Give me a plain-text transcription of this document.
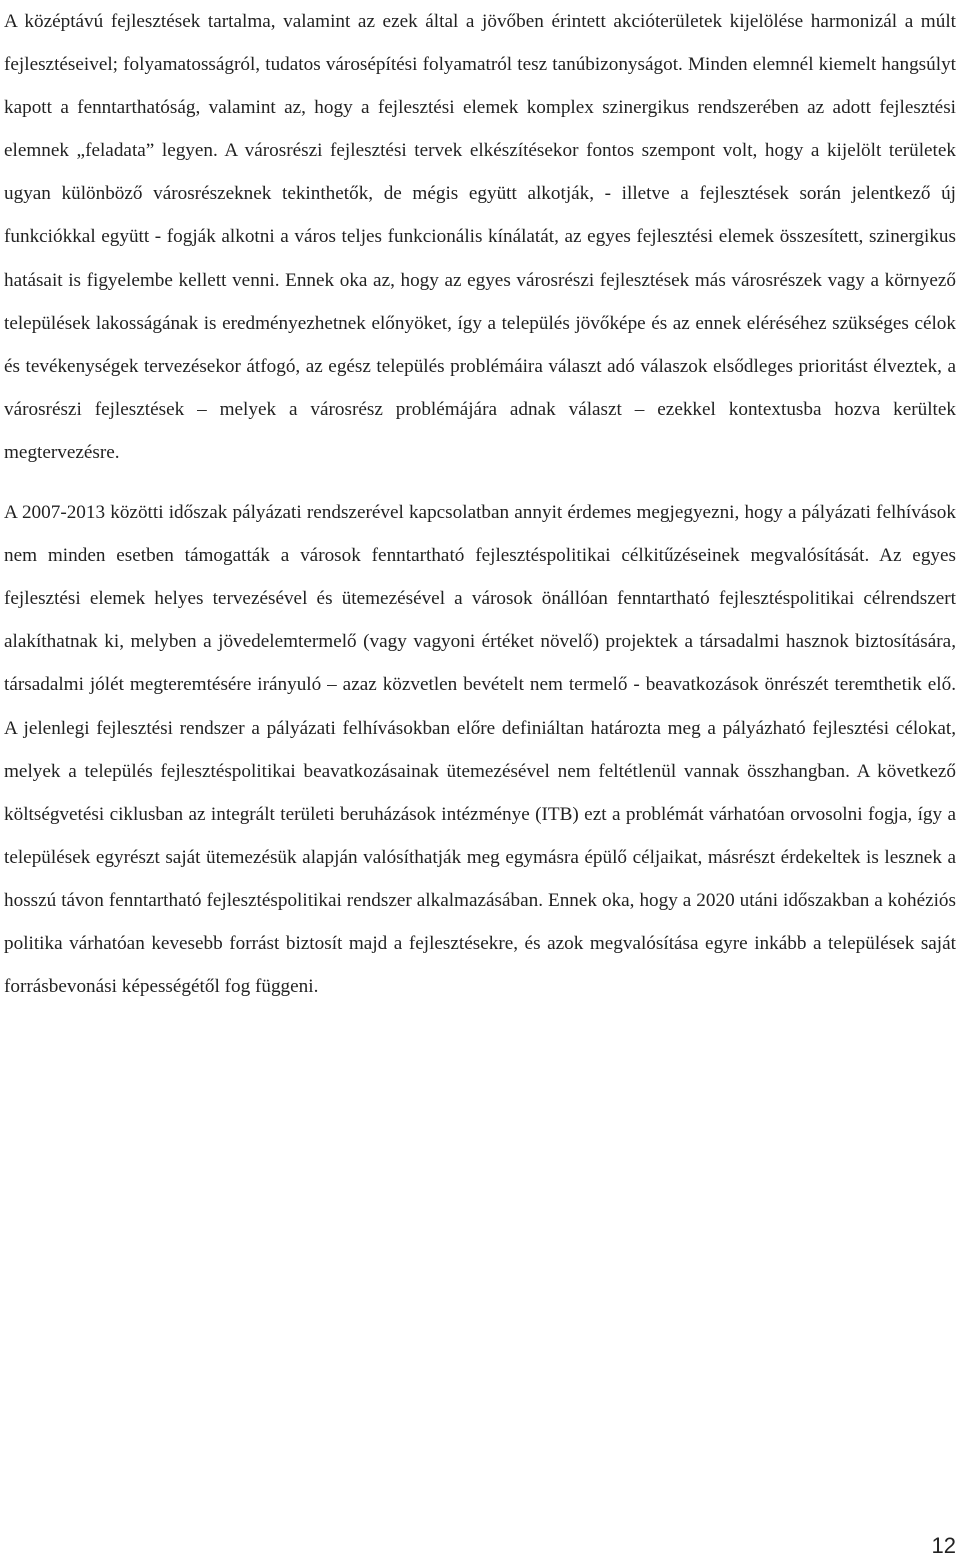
A középtávú fejlesztések tartalma, valamint az ezek által a jövőben érintett akcióterületek kijelölése harmonizál a múlt fejlesztéseivel; folyamatosságról, tudatos városépítési folyamatról tesz tanúbizonyságot. Minden elemnél kiemelt hangsúlyt kapott a fenntarthatóság, valamint az, hogy a fejlesztési elemek komplex szinergikus rendszerében az adott fejlesztési elemnek „feladata” legyen. A városrészi fejlesztési tervek elkészítésekor fontos szempont volt, hogy a kijelölt területek ugyan különböző városrészeknek tekinthetők, de mégis együtt alkotják, - illetve a fejlesztések során jelentkező új funkciókkal együtt - fogják alkotni a város teljes funkcionális kínálatát, az egyes fejlesztési elemek összesített, szinergikus hatásait is figyelembe kellett venni. Ennek oka az, hogy az egyes városrészi fejlesztések más városrészek vagy a környező települések lakosságának is eredményezhetnek előnyöket, így a település jövőképe és az ennek eléréséhez szükséges célok és tevékenységek tervezésekor átfogó, az egész település problémáira választ adó válaszok elsődleges prioritást élveztek, a városrészi fejlesztések – melyek a városrész problémájára adnak választ – ezekkel kontextusba hozva kerültek megtervezésre.

A 2007-2013 közötti időszak pályázati rendszerével kapcsolatban annyit érdemes megjegyezni, hogy a pályázati felhívások nem minden esetben támogatták a városok fenntartható fejlesztéspolitikai célkitűzéseinek megvalósítását. Az egyes fejlesztési elemek helyes tervezésével és ütemezésével a városok önállóan fenntartható fejlesztéspolitikai célrendszert alakíthatnak ki, melyben a jövedelemtermelő (vagy vagyoni értéket növelő) projektek a társadalmi hasznok biztosítására, társadalmi jólét megteremtésére irányuló – azaz közvetlen bevételt nem termelő - beavatkozások önrészét teremthetik elő. A jelenlegi fejlesztési rendszer a pályázati felhívásokban előre definiáltan határozta meg a pályázható fejlesztési célokat, melyek a település fejlesztéspolitikai beavatkozásainak ütemezésével nem feltétlenül vannak összhangban. A következő költségvetési ciklusban az integrált területi beruházások intézménye (ITB) ezt a problémát várhatóan orvosolni fogja, így a települések egyrészt saját ütemezésük alapján valósíthatják meg egymásra épülő céljaikat, másrészt érdekeltek is lesznek a hosszú távon fenntartható fejlesztéspolitikai rendszer alkalmazásában. Ennek oka, hogy a 2020 utáni időszakban a kohéziós politika várhatóan kevesebb forrást biztosít majd a fejlesztésekre, és azok megvalósítása egyre inkább a települések saját forrásbevonási képességétől fog függeni.

12
